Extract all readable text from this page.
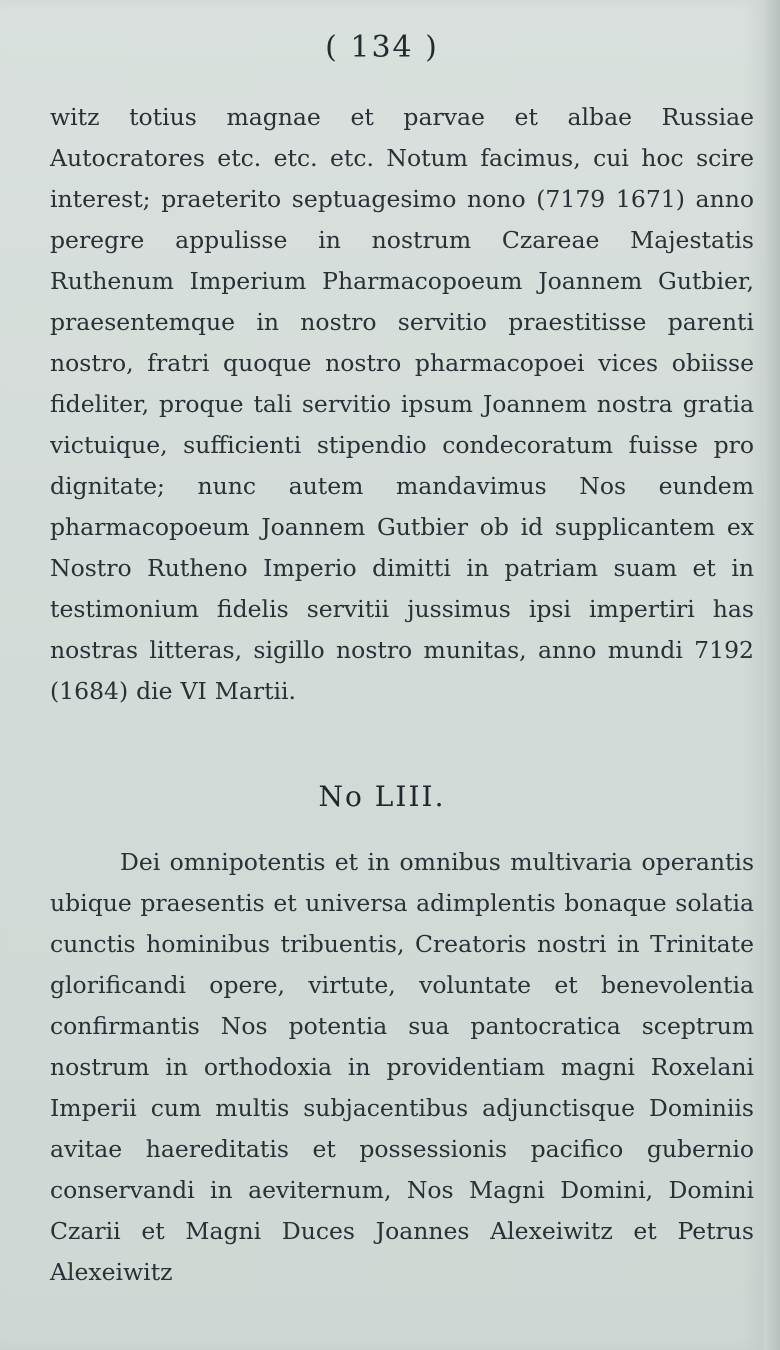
( 134 )

witz totius magnae et parvae et albae Russiae Autocratores etc. etc. etc. Notum facimus, cui hoc scire interest; praeterito septuagesimo nono (7179 1671) anno peregre appulisse in nostrum Czareae Majestatis Ruthenum Imperium Pharmacopoeum Joannem Gutbier, praesentemque in nostro servitio praestitisse parenti nostro, fratri quoque nostro pharmacopoei vices obiisse fideliter, proque tali servitio ipsum Joannem nostra gratia victuique, sufficienti stipendio condecoratum fuisse pro dignitate; nunc autem mandavimus Nos eundem pharmacopoeum Joannem Gutbier ob id supplicantem ex Nostro Rutheno Imperio dimitti in patriam suam et in testimonium fidelis servitii jussimus ipsi impertiri has nostras litteras, sigillo nostro munitas, anno mundi 7192 (1684) die VI Martii.

No LIII.

Dei omnipotentis et in omnibus multivaria operantis ubique praesentis et universa adimplentis bonaque solatia cunctis hominibus tribuentis, Creatoris nostri in Trinitate glorificandi opere, virtute, voluntate et benevolentia confirmantis Nos potentia sua pantocratica sceptrum nostrum in orthodoxia in providentiam magni Roxelani Imperii cum multis subjacentibus adjunctisque Dominiis avitae haereditatis et possessionis pacifico gubernio conservandi in aeviternum, Nos Magni Domini, Domini Czarii et Magni Duces Joannes Alexeiwitz et Petrus Alexeiwitz
